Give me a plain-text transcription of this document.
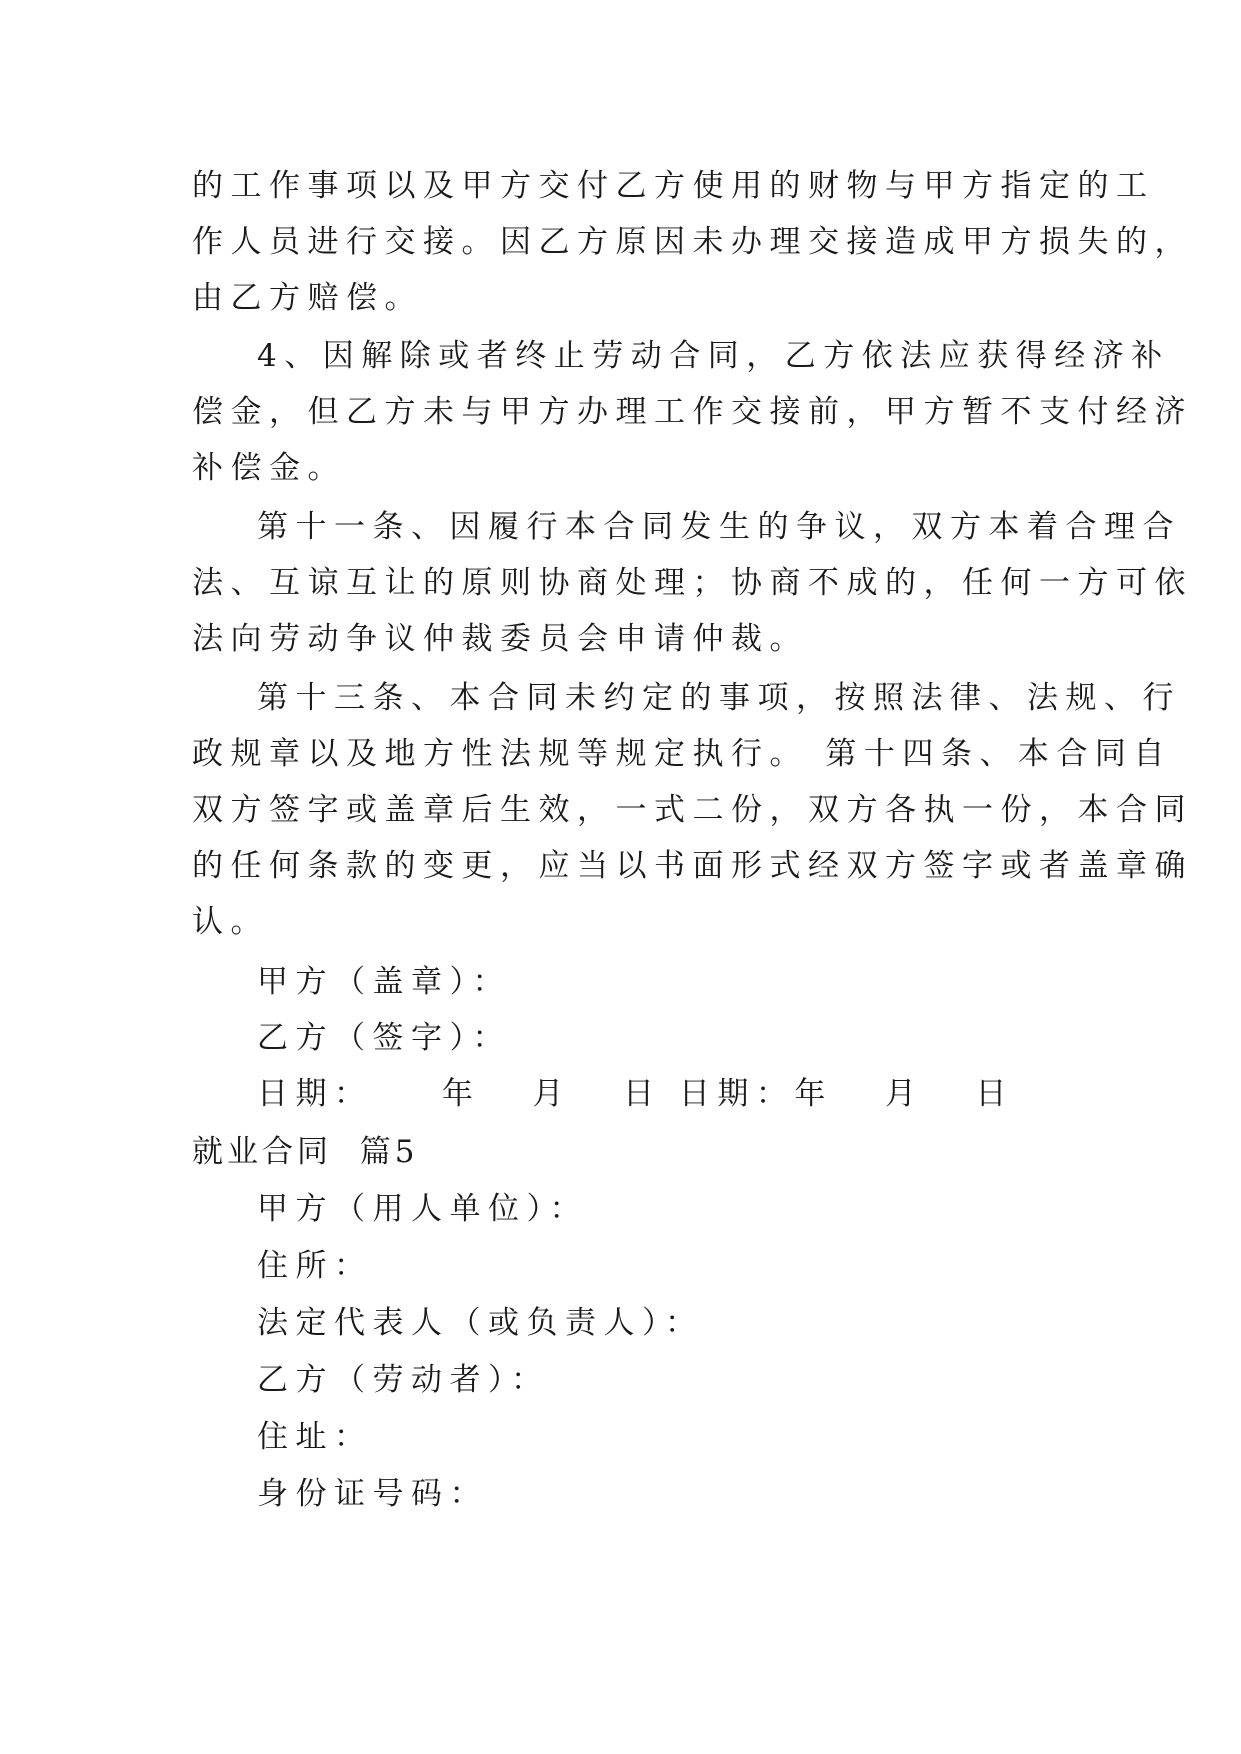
的工作事项以及甲方交付乙方使用的财物与甲方指定的工
作人员进行交接。因乙方原因未办理交接造成甲方损失的，
由乙方赔偿。
4、因解除或者终止劳动合同，乙方依法应获得经济补
偿金，但乙方未与甲方办理工作交接前，甲方暂不支付经济
补偿金。
第十一条、因履行本合同发生的争议，双方本着合理合
法、互谅互让的原则协商处理；协商不成的，任何一方可依
法向劳动争议仲裁委员会申请仲裁。
第十三条、本合同未约定的事项，按照法律、法规、行
政规章以及地方性法规等规定执行。 第十四条、本合同自
双方签字或盖章后生效，一式二份，双方各执一份，本合同
的任何条款的变更，应当以书面形式经双方签字或者盖章确
认。
甲方（盖章）：
乙方（签字）：
日期：    年   月   日 日期：年   月   日
就业合同  篇5
甲方（用人单位）：
住所：
法定代表人（或负责人）：
乙方（劳动者）：
住址：
身份证号码：
